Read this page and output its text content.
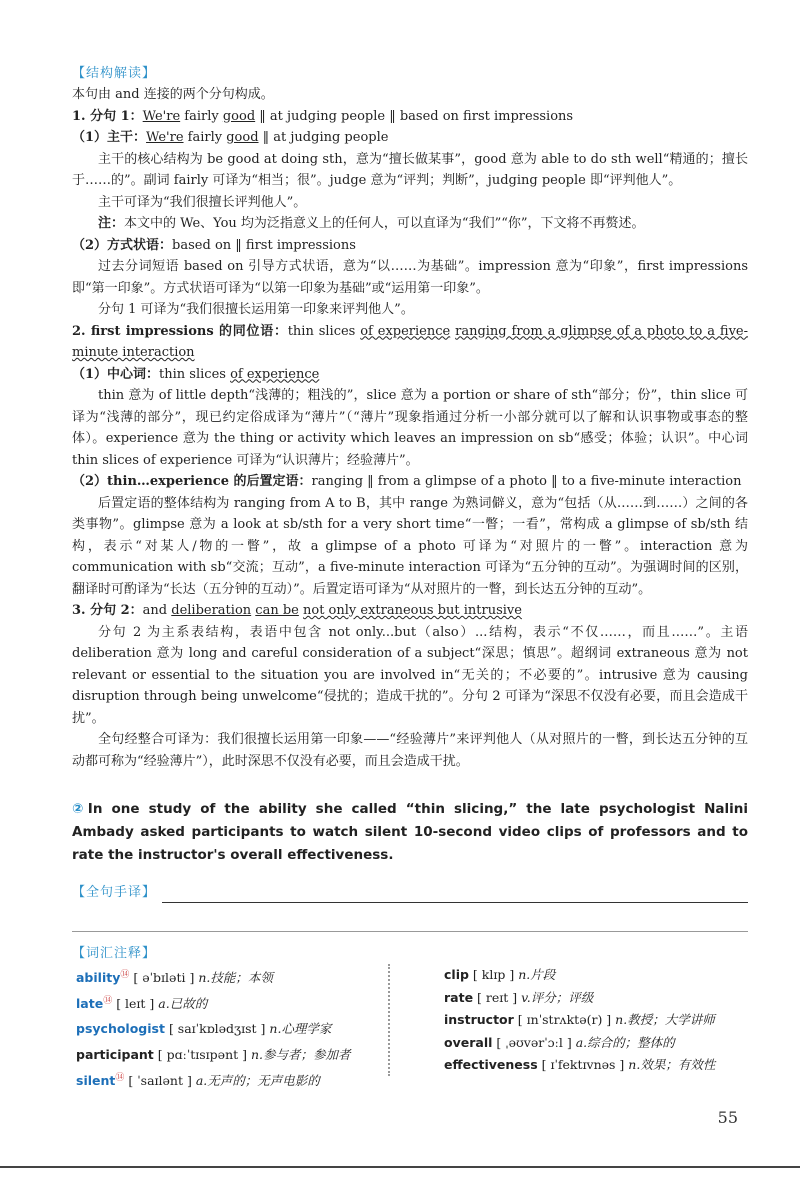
【 结构解读 】

本句由 and 连接的两个分句构成。

1. 分句 1：We're fairly good ‖ at judging people ‖ based on first impressions

（1）主干：We're fairly good ‖ at judging people

主干的核心结构为 be good at doing sth，意为“擅长做某事”，good 意为 able to do sth well“精通的；擅长于……的”。副词 fairly 可译为“相当；很”。judge 意为“评判；判断”，judging people 即“评判他人”。

主干可译为“我们很擅长评判他人”。

注：本文中的 We、You 均为泛指意义上的任何人，可以直译为“我们”“你”，下文将不再赘述。

（2）方式状语：based on ‖ first impressions

过去分词短语 based on 引导方式状语，意为“以……为基础”。impression 意为“印象”，first impressions 即“第一印象”。方式状语可译为“以第一印象为基础”或“运用第一印象”。

分句 1 可译为“我们很擅长运用第一印象来评判他人”。

2. first impressions 的同位语：thin slices of experience ranging from a glimpse of a photo to a five-minute interaction

（1）中心词：thin slices of experience

thin 意为 of little depth“浅薄的；粗浅的”，slice 意为 a portion or share of sth“部分；份”，thin slice 可译为“浅薄的部分”，现已约定俗成译为“薄片”（“薄片”现象指通过分析一小部分就可以了解和认识事物或事态的整体）。experience 意为 the thing or activity which leaves an impression on sb“感受；体验；认识”。中心词 thin slices of experience 可译为“认识薄片；经验薄片”。

（2）thin…experience 的后置定语：ranging ‖ from a glimpse of a photo ‖ to a five-minute interaction

后置定语的整体结构为 ranging from A to B，其中 range 为熟词僻义，意为“包括（从……到……）之间的各类事物”。glimpse 意为 a look at sb/sth for a very short time“一瞥；一看”，常构成 a glimpse of sb/sth 结构，表示“对某人/物的一瞥”，故 a glimpse of a photo 可译为“对照片的一瞥”。interaction 意为 communication with sb“交流；互动”，a five-minute interaction 可译为“五分钟的互动”。为强调时间的区别，翻译时可酌译为“长达（五分钟的互动）”。后置定语可译为“从对照片的一瞥，到长达五分钟的互动”。

3. 分句 2：and deliberation can be not only extraneous but intrusive

分句 2 为主系表结构，表语中包含 not only...but（also）...结构，表示“不仅……，而且……”。主语 deliberation 意为 long and careful consideration of a subject“深思；慎思”。超纲词 extraneous 意为 not relevant or essential to the situation you are involved in“无关的；不必要的”。intrusive 意为 causing disruption through being unwelcome“侵扰的；造成干扰的”。分句 2 可译为“深思不仅没有必要，而且会造成干扰”。

全句经整合可译为：我们很擅长运用第一印象——“经验薄片”来评判他人（从对照片的一瞥，到长达五分钟的互动都可称为“经验薄片”），此时深思不仅没有必要，而且会造成干扰。

②In one study of the ability she called “thin slicing,” the late psychologist Nalini Ambady asked participants to watch silent 10-second video clips of professors and to rate the instructor's overall effectiveness.
【 全句手译 】
【 词汇注释 】
ability⑭ [ əˈbɪləti ] n.技能；本领
late⑭ [ leɪt ] a.已故的
psychologist [ saɪˈkɒlədʒɪst ] n.心理学家
participant [ pɑːˈtɪsɪpənt ] n.参与者；参加者
silent⑭ [ ˈsaɪlənt ] a.无声的；无声电影的
clip [ klɪp ] n.片段
rate [ reɪt ] v.评分；评级
instructor [ ɪnˈstrʌktə(r) ] n.教授；大学讲师
overall [ ˌəʊvərˈɔːl ] a.综合的；整体的
effectiveness [ ɪˈfektɪvnəs ] n.效果；有效性
55
